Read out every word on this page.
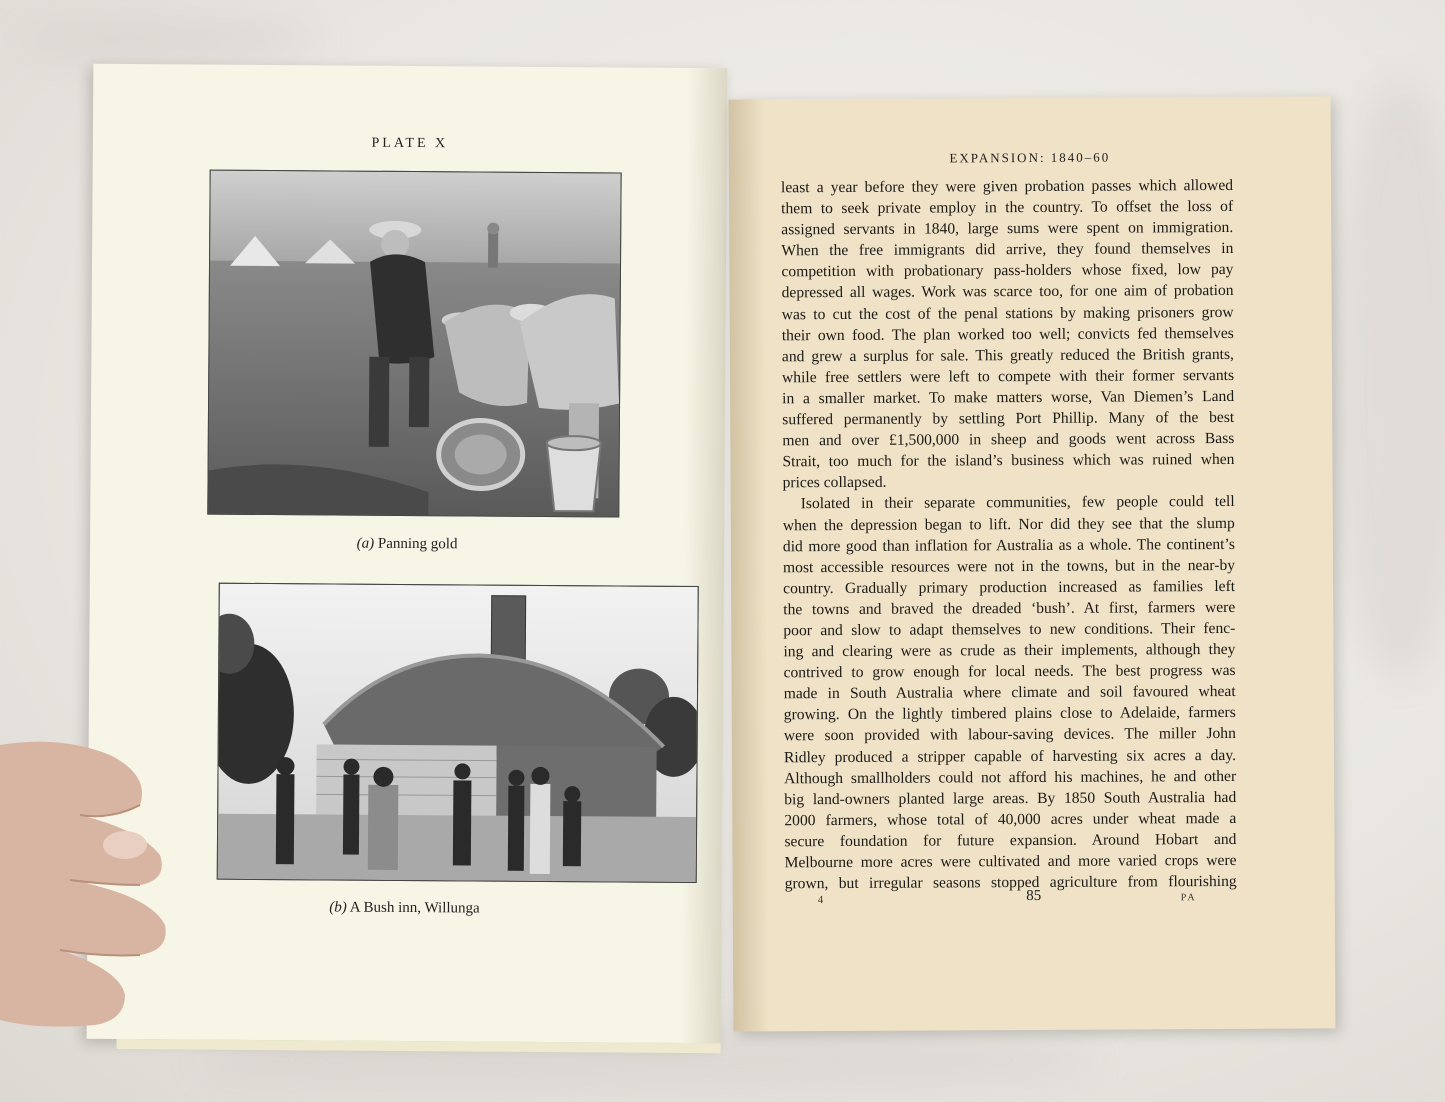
PLATE X
(a) Panning gold
(b) A Bush inn, Willunga
EXPANSION: 1840–60
least a year before they were given probation passes which allowed
them to seek private employ in the country. To offset the loss of
assigned servants in 1840, large sums were spent on immigration.
When the free immigrants did arrive, they found themselves in
competition with probationary pass-holders whose fixed, low pay
depressed all wages. Work was scarce too, for one aim of probation
was to cut the cost of the penal stations by making prisoners grow
their own food. The plan worked too well; convicts fed themselves
and grew a surplus for sale. This greatly reduced the British grants,
while free settlers were left to compete with their former servants
in a smaller market. To make matters worse, Van Diemen’s Land
suffered permanently by settling Port Phillip. Many of the best
men and over £1,500,000 in sheep and goods went across Bass
Strait, too much for the island’s business which was ruined when
prices collapsed.
Isolated in their separate communities, few people could tell
when the depression began to lift. Nor did they see that the slump
did more good than inflation for Australia as a whole. The continent’s
most accessible resources were not in the towns, but in the near-by
country. Gradually primary production increased as families left
the towns and braved the dreaded ‘bush’. At first, farmers were
poor and slow to adapt themselves to new conditions. Their fenc-
ing and clearing were as crude as their implements, although they
contrived to grow enough for local needs. The best progress was
made in South Australia where climate and soil favoured wheat
growing. On the lightly timbered plains close to Adelaide, farmers
were soon provided with labour-saving devices. The miller John
Ridley produced a stripper capable of harvesting six acres a day.
Although smallholders could not afford his machines, he and other
big land-owners planted large areas. By 1850 South Australia had
2000 farmers, whose total of 40,000 acres under wheat made a
secure foundation for future expansion. Around Hobart and
Melbourne more acres were cultivated and more varied crops were
grown, but irregular seasons stopped agriculture from flourishing
4	85	PA
